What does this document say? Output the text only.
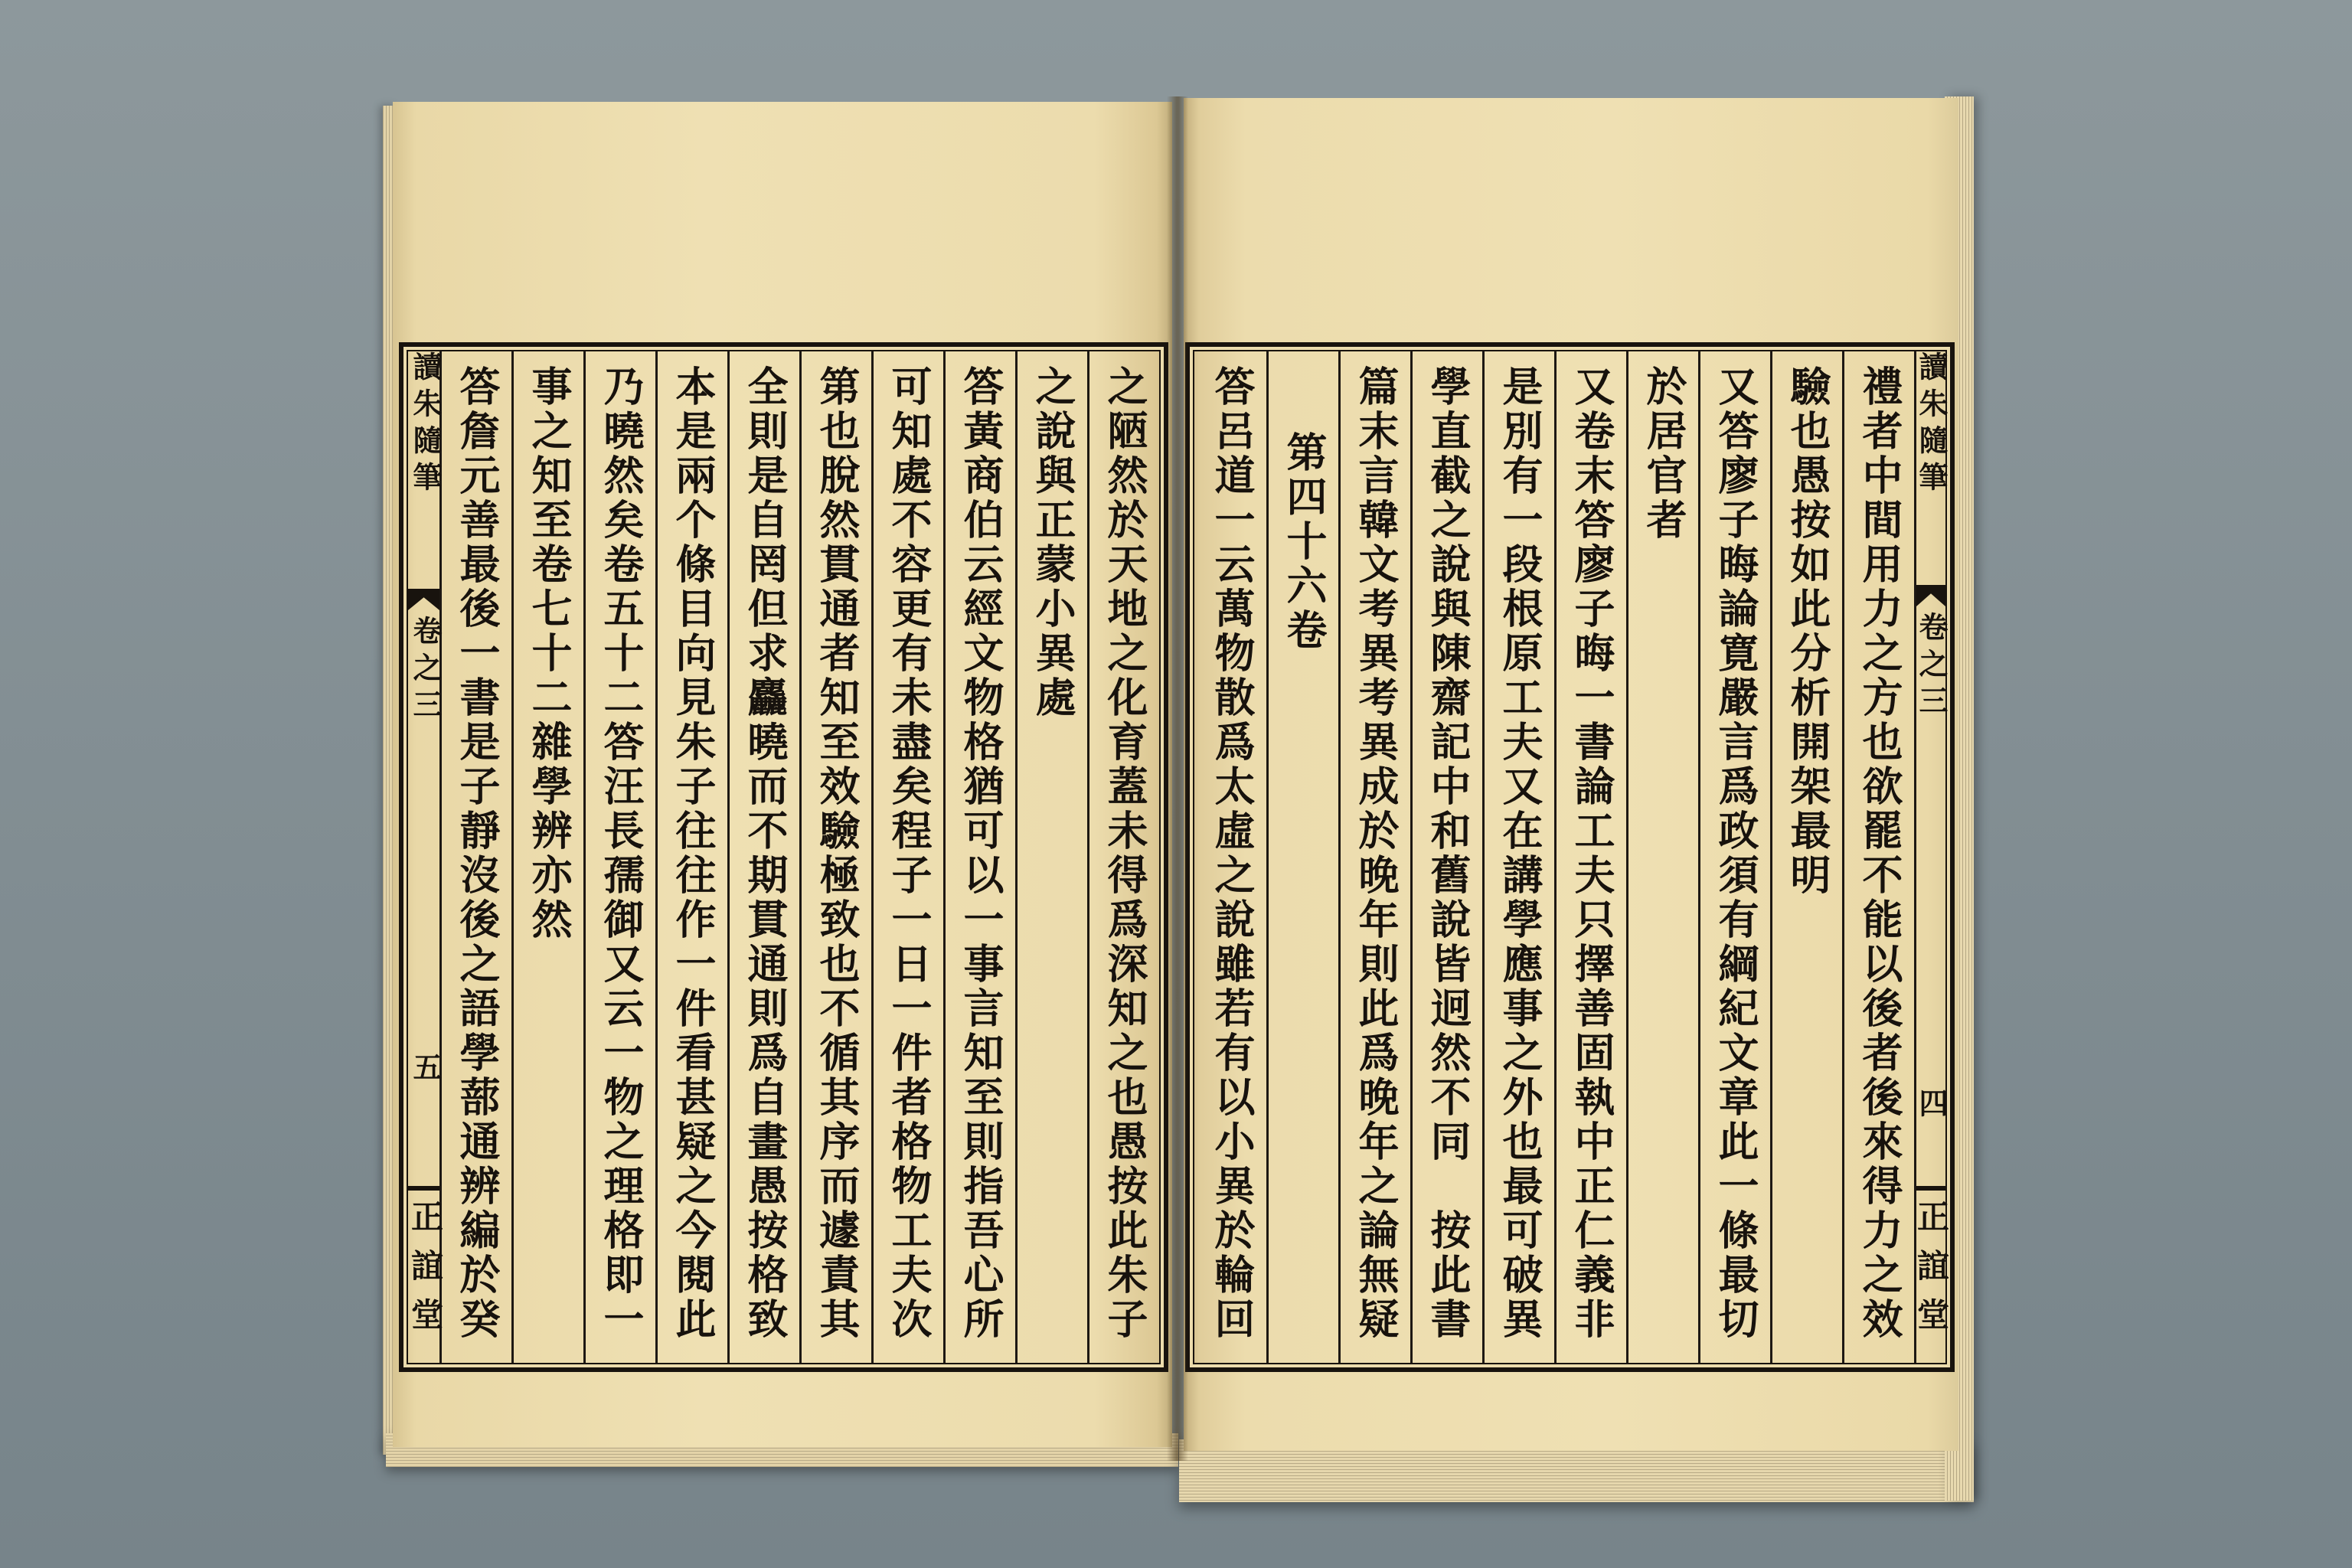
之陋然於天地之化育蓋未得爲深知之也愚按此朱子
之說與正蒙小異處
答黃商伯云經文物格猶可以一事言知至則指吾心所
可知處不容更有未盡矣程子一日一件者格物工夫次
第也脫然貫通者知至效驗極致也不循其序而遽責其
全則是自罔但求麤曉而不期貫通則爲自畫愚按格致
本是兩个條目向見朱子往往作一件看甚疑之今閱此
乃曉然矣卷五十二答汪長孺御又云一物之理格即一
事之知至卷七十二雜學辨亦然
答詹元善最後一書是子靜沒後之語學蔀通辨編於癸
讀朱隨筆
卷之三
五
正誼堂
讀朱隨筆
卷之三
四
正誼堂
禮者中間用力之方也欲罷不能以後者後來得力之效
驗也愚按如此分析開架最明
又答廖子晦論寛嚴言爲政須有綱紀文章此一條最切
於居官者
又卷末答廖子晦一書論工夫只擇善固執中正仁義非
是別有一段根原工夫又在講學應事之外也最可破異
學直截之說與陳齋記中和舊說皆迥然不同　按此書
篇末言韓文考異考異成於晚年則此爲晚年之論無疑
第四十六卷
答呂道一云萬物散爲太虛之說雖若有以小異於輪回
